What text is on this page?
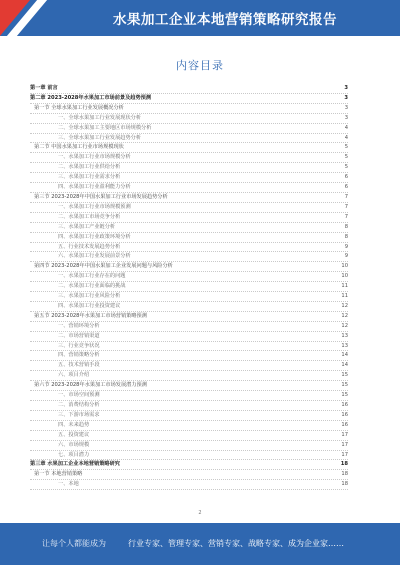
水果加工企业本地营销策略研究报告
内容目录
第一章 前言	3
第二章 2023-2028年水果加工市场前景及趋势预测	3
第一节 全球水果加工行业发展概况分析	3
一、全球水果加工行业发展现状分析	3
二、全球水果加工主要地区市场规模分析	4
三、全球水果加工行业发展趋势分析	4
第二节 中国水果加工行业市场规模现状	5
一、水果加工行业市场规模分析	5
二、水果加工行业供给分析	5
三、水果加工行业需求分析	6
四、水果加工行业盈利能力分析	6
第三节 2023-2028年中国水果加工行业市场发展趋势分析	7
一、水果加工行业市场规模预测	7
二、水果加工市场竞争分析	7
三、水果加工产业链分析	8
四、水果加工行业政策环境分析	8
五、行业技术发展趋势分析	9
六、水果加工行业发展前景分析	9
第四节 2023-2028年中国水果加工企业发展问题与风险分析	10
一、水果加工行业存在的问题	10
二、水果加工行业面临的挑战	11
三、水果加工行业风险分析	11
四、水果加工行业投资建议	12
第五节 2023-2028年水果加工市场营销策略预测	12
一、营销环境分析	12
二、市场营销渠道	13
三、行业竞争状况	13
四、营销策略分析	14
五、技术营销手段	14
六、项目介绍	15
第六节 2023-2028年水果加工市场发展潜力预测	15
一、市场空间预测	15
二、消费结构分析	16
三、下游市场需求	16
四、未来趋势	16
五、投资建议	17
六、市场规模	17
七、项目潜力	17
第三章 水果加工企业本地营销策略研究	18
第一节 本地营销策略	18
一、本地	18
2
让每个人都能成为	行业专家、管理专家、营销专家、战略专家、成为企业家……
